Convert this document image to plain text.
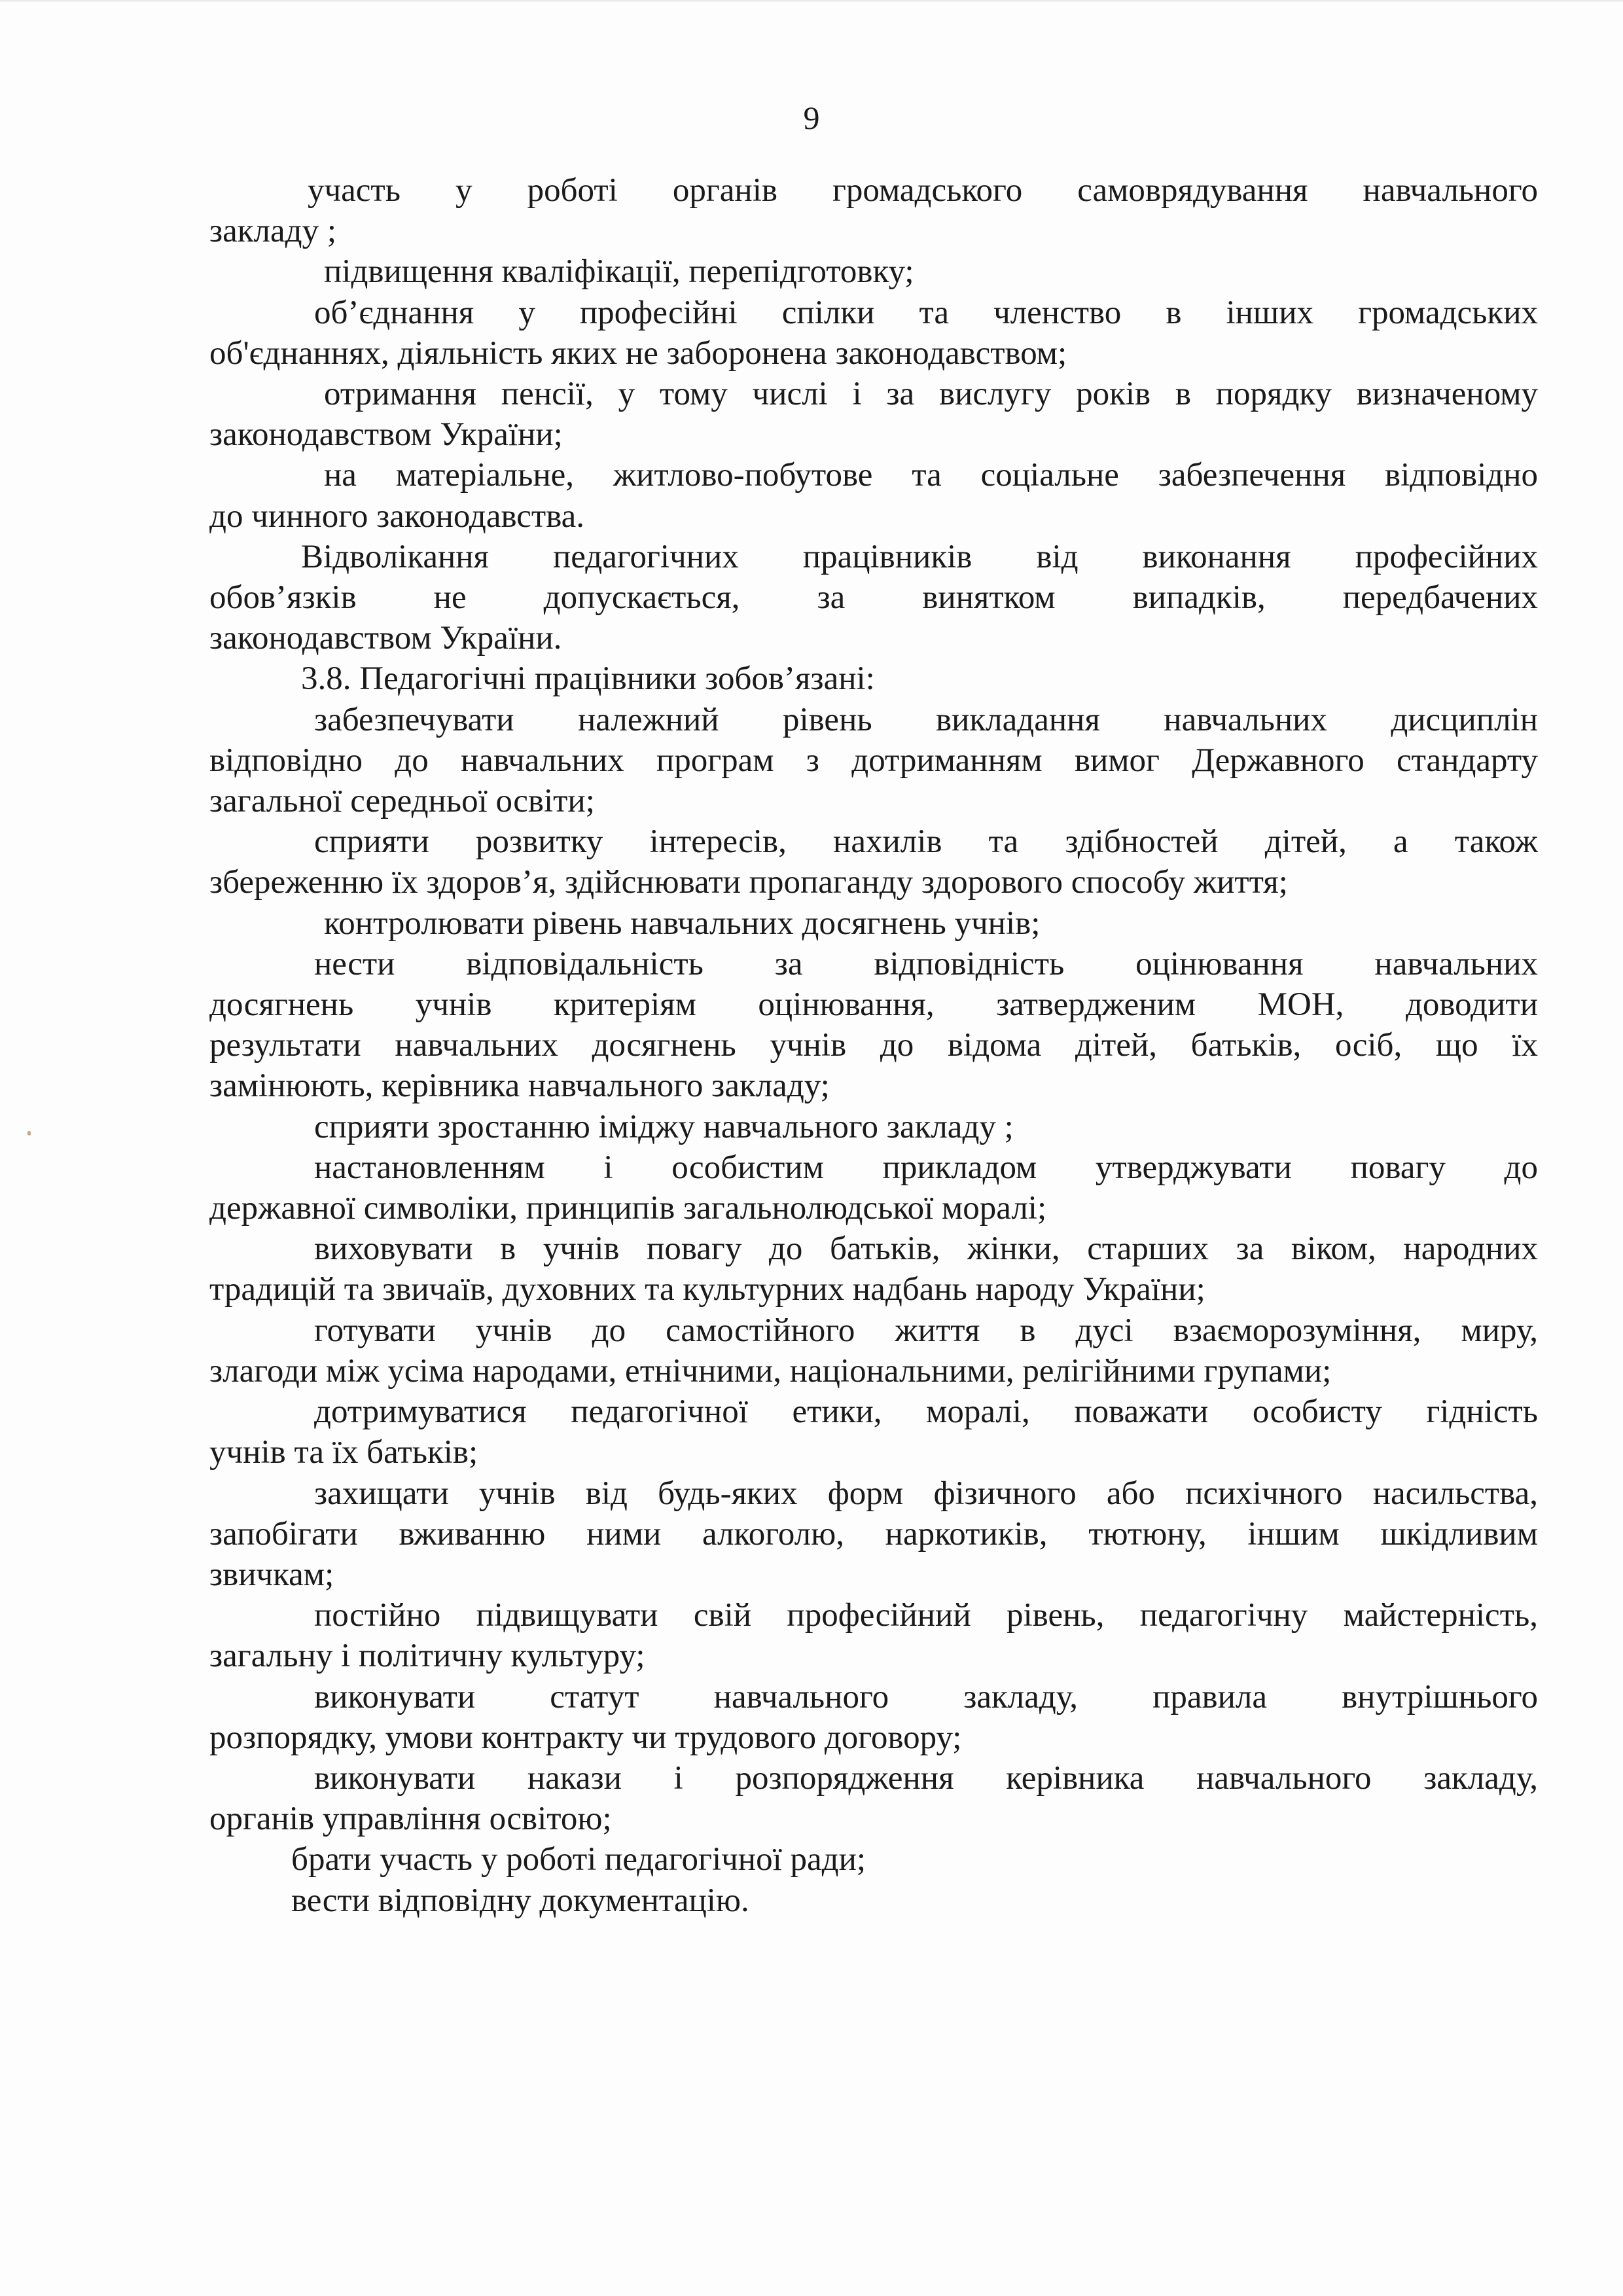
9

участь у роботі органів громадського самоврядування навчального
закладу ;

підвищення кваліфікації, перепідготовку;

об’єднання у професійні спілки та членство в інших громадських
об'єднаннях, діяльність яких не заборонена законодавством;

отримання пенсії, у тому числі і за вислугу років в порядку визначеному
законодавством України;

на матеріальне, житлово-побутове та соціальне забезпечення відповідно
до чинного законодавства.

Відволікання педагогічних працівників від виконання професійних
обов’язків не допускається, за винятком випадків, передбачених
законодавством України.

3.8. Педагогічні працівники зобов’язані:

забезпечувати належний рівень викладання навчальних дисциплін
відповідно до навчальних програм з дотриманням вимог Державного стандарту
загальної середньої освіти;

сприяти розвитку інтересів, нахилів та здібностей дітей, а також
збереженню їх здоров’я, здійснювати пропаганду здорового способу життя;

контролювати рівень навчальних досягнень учнів;

нести відповідальність за відповідність оцінювання навчальних
досягнень учнів критеріям оцінювання, затвердженим МОН, доводити
результати навчальних досягнень учнів до відома дітей, батьків, осіб, що їх
замінюють, керівника навчального закладу;

сприяти зростанню іміджу навчального закладу ;

настановленням і особистим прикладом утверджувати повагу до
державної символіки, принципів загальнолюдської моралі;

виховувати в учнів повагу до батьків, жінки, старших за віком, народних
традицій та звичаїв, духовних та культурних надбань народу України;

готувати учнів до самостійного життя в дусі взаєморозуміння, миру,
злагоди між усіма народами, етнічними, національними, релігійними групами;

дотримуватися педагогічної етики, моралі, поважати особисту гідність
учнів та їх батьків;

захищати учнів від будь-яких форм фізичного або психічного насильства,
запобігати вживанню ними алкоголю, наркотиків, тютюну, іншим шкідливим
звичкам;

постійно підвищувати свій професійний рівень, педагогічну майстерність,
загальну і політичну культуру;

виконувати статут навчального закладу, правила внутрішнього
розпорядку, умови контракту чи трудового договору;

виконувати накази і розпорядження керівника навчального закладу,
органів управління освітою;

брати участь у роботі педагогічної ради;

вести відповідну документацію.
